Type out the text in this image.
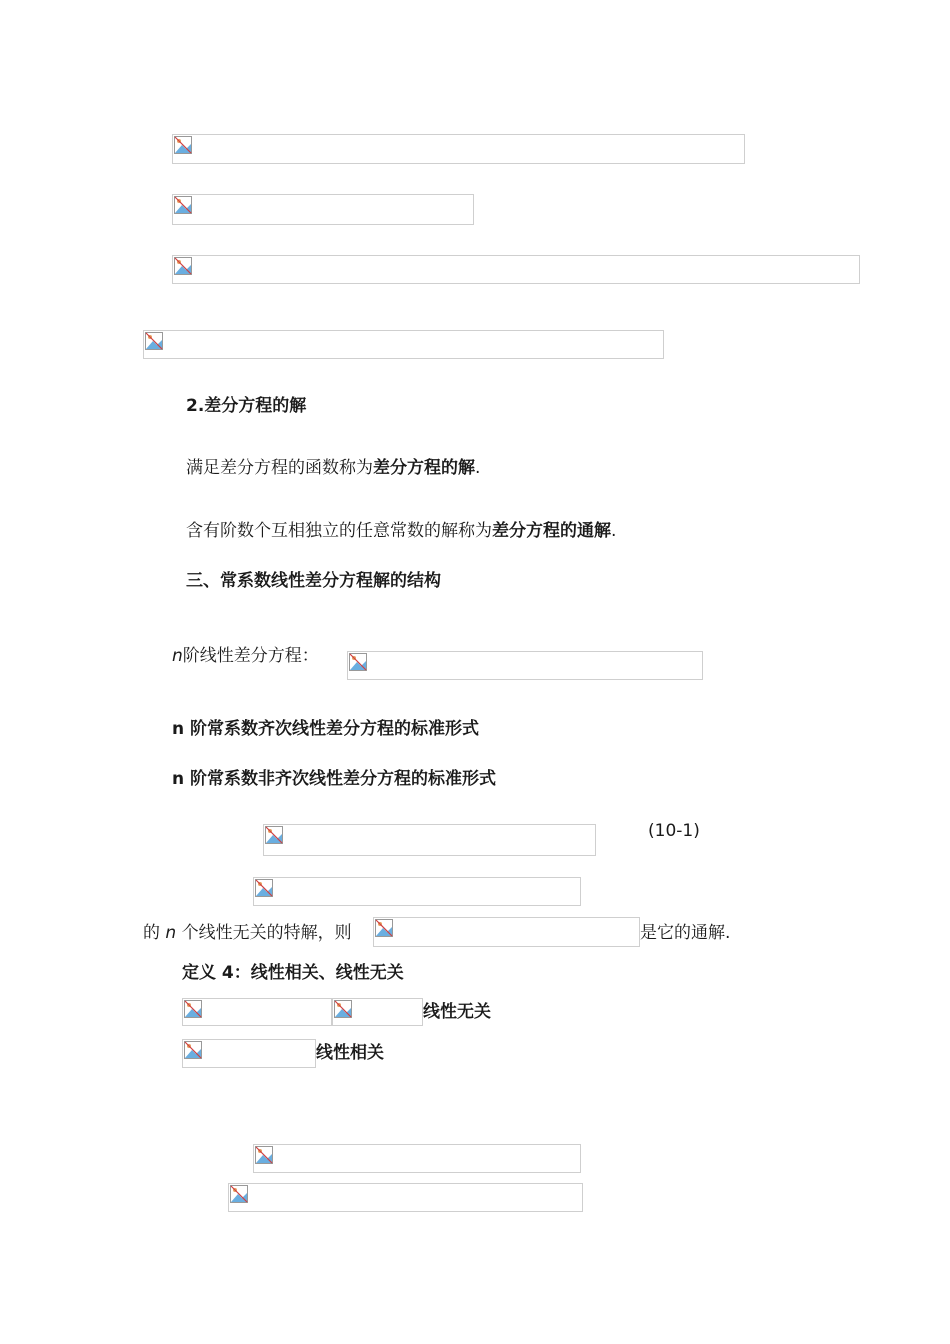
2.差分方程的解
满足差分方程的函数称为差分方程的解.
含有阶数个互相独立的任意常数的解称为差分方程的通解.
三、常系数线性差分方程解的结构
n阶线性差分方程：
n 阶常系数齐次线性差分方程的标准形式
n 阶常系数非齐次线性差分方程的标准形式
(10-1)
的 n 个线性无关的特解，则	是它的通解.
定义 4：线性相关、线性无关
线性无关
线性相关
